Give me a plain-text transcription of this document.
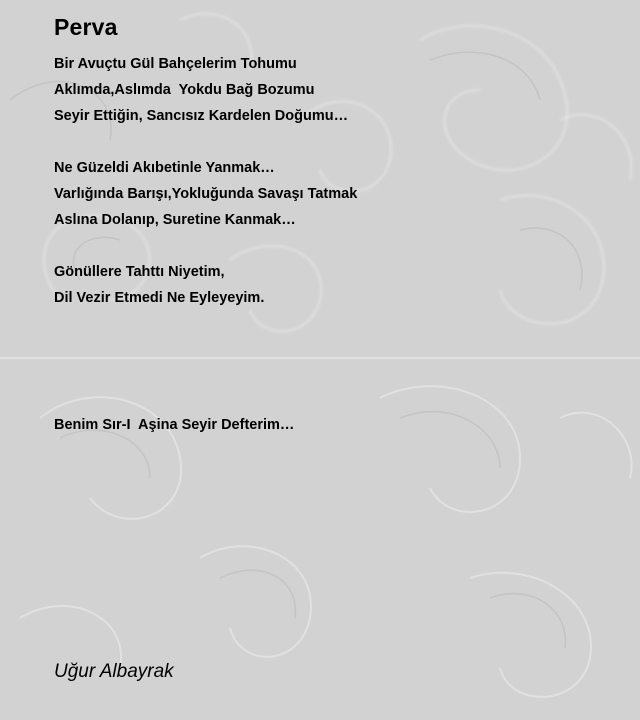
Perva
Bir Avuçtu Gül Bahçelerim Tohumu
Aklımda,Aslımda  Yokdu Bağ Bozumu
Seyir Ettiğin, Sancısız Kardelen Doğumu…
Ne Güzeldi Akıbetinle Yanmak…
Varlığında Barışı,Yokluğunda Savaşı Tatmak
Aslına Dolanıp, Suretine Kanmak…
Gönüllere Tahttı Niyetim,
Dil Vezir Etmedi Ne Eyleyeyim.
Benim Sır-I  Aşina Seyir Defterim…

Uğur Albayrak
